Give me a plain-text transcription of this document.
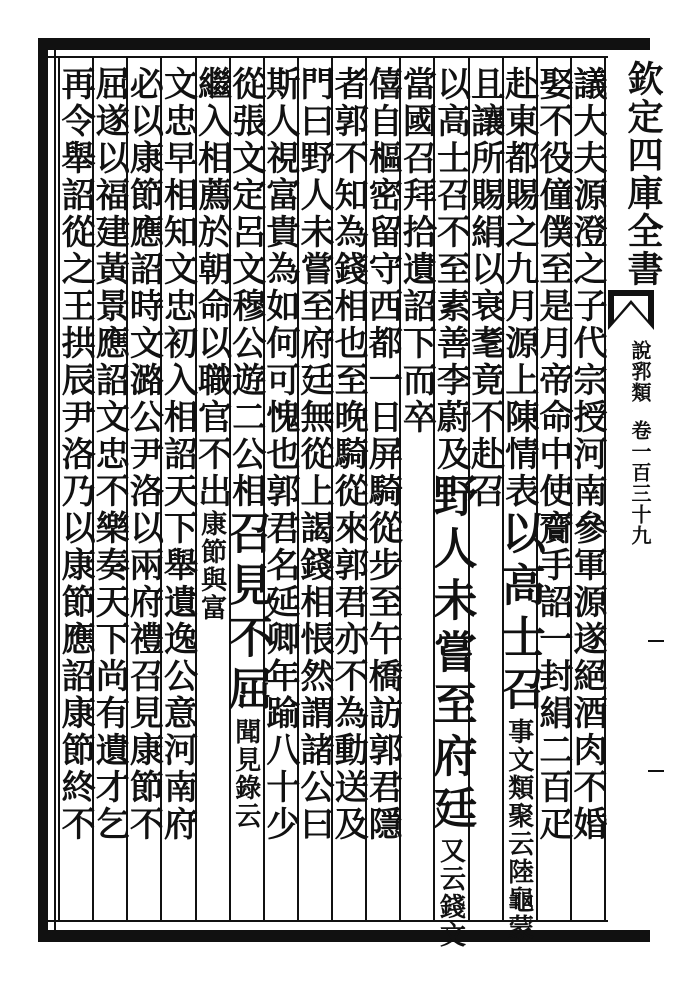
議大夫源澄之子代宗授河南參軍源遂絕酒肉不婚
娶不役僮僕至是月帝命中使齎手詔一封絹二百疋
赴東都賜之九月源上陳情表
以高士召
事文類聚云陸龜蒙
且讓所賜絹以衰耄竟不赴召
以高士召不至素善李蔚及
野人未嘗至府廷
又云錢文
當國召拜拾遺詔下而卒
僖自樞密留守西都一日屏騎從步至午橋訪郭君隱
者郭不知為錢相也至晚騎從來郭君亦不為動送及
門曰野人未嘗至府廷無從上謁錢相悵然謂諸公曰
斯人視富貴為如何可愧也郭君名延卿年踰八十少
從張文定呂文穆公遊二公相
召見不屈
聞見錄云
繼入相薦於朝命以職官不出
康節與富
文忠早相知文忠初入相詔天下舉遺逸公意河南府
必以康節應詔時文潞公尹洛以兩府禮召見康節不
屈遂以福建黃景應詔文忠不樂奏天下尚有遺才乞
再令舉詔從之王拱辰尹洛乃以康節應詔康節終不	欽定四庫全書
說郛類
卷一百三十九
